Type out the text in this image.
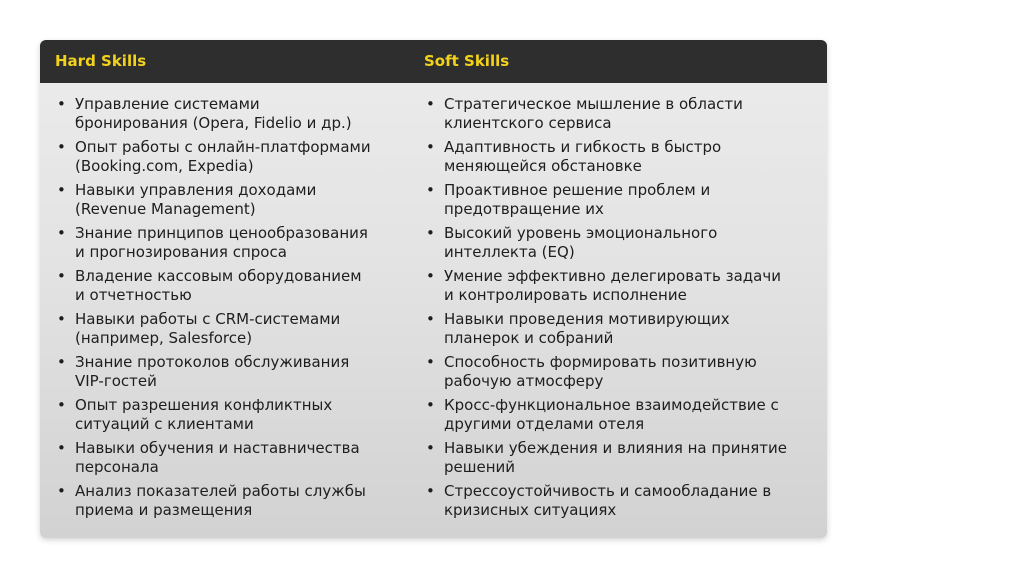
Hard Skills	Soft Skills
• Управление системами
бронирования (Opera, Fidelio и др.)
• Опыт работы с онлайн-платформами
(Booking.com, Expedia)
• Навыки управления доходами
(Revenue Management)
• Знание принципов ценообразования
и прогнозирования спроса
• Владение кассовым оборудованием
и отчетностью
• Навыки работы с CRM-системами
(например, Salesforce)
• Знание протоколов обслуживания
VIP-гостей
• Опыт разрешения конфликтных
ситуаций с клиентами
• Навыки обучения и наставничества
персонала
• Анализ показателей работы службы
приема и размещения
• Стратегическое мышление в области
клиентского сервиса
• Адаптивность и гибкость в быстро
меняющейся обстановке
• Проактивное решение проблем и
предотвращение их
• Высокий уровень эмоционального
интеллекта (EQ)
• Умение эффективно делегировать задачи
и контролировать исполнение
• Навыки проведения мотивирующих
планерок и собраний
• Способность формировать позитивную
рабочую атмосферу
• Кросс-функциональное взаимодействие с
другими отделами отеля
• Навыки убеждения и влияния на принятие
решений
• Стрессоустойчивость и самообладание в
кризисных ситуациях
